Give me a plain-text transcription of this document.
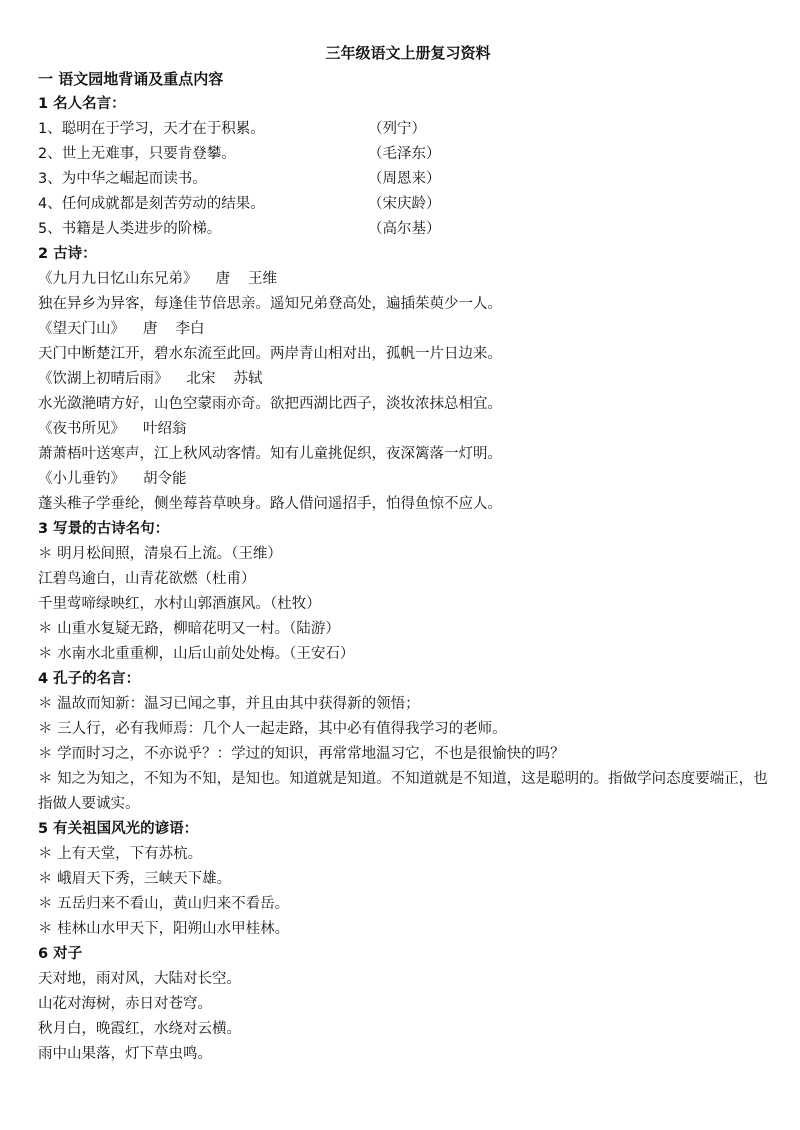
三年级语文上册复习资料
一 语文园地背诵及重点内容
1 名人名言：
1、聪明在于学习，天才在于积累。	（列宁）
2、世上无难事，只要肯登攀。	（毛泽东）
3、为中华之崛起而读书。	（周恩来）
4、任何成就都是刻苦劳动的结果。	（宋庆龄）
5、书籍是人类进步的阶梯。	（高尔基）
2 古诗：
《九月九日忆山东兄弟》 唐 王维
独在异乡为异客，每逢佳节倍思亲。遥知兄弟登高处，遍插茱萸少一人。
《望天门山》 唐 李白
天门中断楚江开，碧水东流至此回。两岸青山相对出，孤帆一片日边来。
《饮湖上初晴后雨》 北宋 苏轼
水光潋滟晴方好，山色空蒙雨亦奇。欲把西湖比西子，淡妆浓抹总相宜。
《夜书所见》 叶绍翁
萧萧梧叶送寒声，江上秋风动客情。知有儿童挑促织，夜深篱落一灯明。
《小儿垂钓》 胡令能
蓬头稚子学垂纶，侧坐莓苔草映身。路人借问遥招手，怕得鱼惊不应人。
3 写景的古诗名句：
＊ 明月松间照，清泉石上流。（王维）
江碧鸟逾白，山青花欲燃（杜甫）
千里莺啼绿映红，水村山郭酒旗风。（杜牧）
＊ 山重水复疑无路，柳暗花明又一村。（陆游）
＊ 水南水北重重柳，山后山前处处梅。（王安石）
4 孔子的名言：
＊ 温故而知新：温习已闻之事，并且由其中获得新的领悟；
＊ 三人行，必有我师焉：几个人一起走路，其中必有值得我学习的老师。
＊ 学而时习之，不亦说乎？：学过的知识，再常常地温习它，不也是很愉快的吗？
＊ 知之为知之，不知为不知，是知也。知道就是知道。不知道就是不知道，这是聪明的。指做学问态度要端正，也指做人要诚实。
5 有关祖国风光的谚语：
＊ 上有天堂，下有苏杭。
＊ 峨眉天下秀，三峡天下雄。
＊ 五岳归来不看山，黄山归来不看岳。
＊ 桂林山水甲天下，阳朔山水甲桂林。
6 对子
天对地，雨对风，大陆对长空。
山花对海树，赤日对苍穹。
秋月白，晚霞红，水绕对云横。
雨中山果落，灯下草虫鸣。
